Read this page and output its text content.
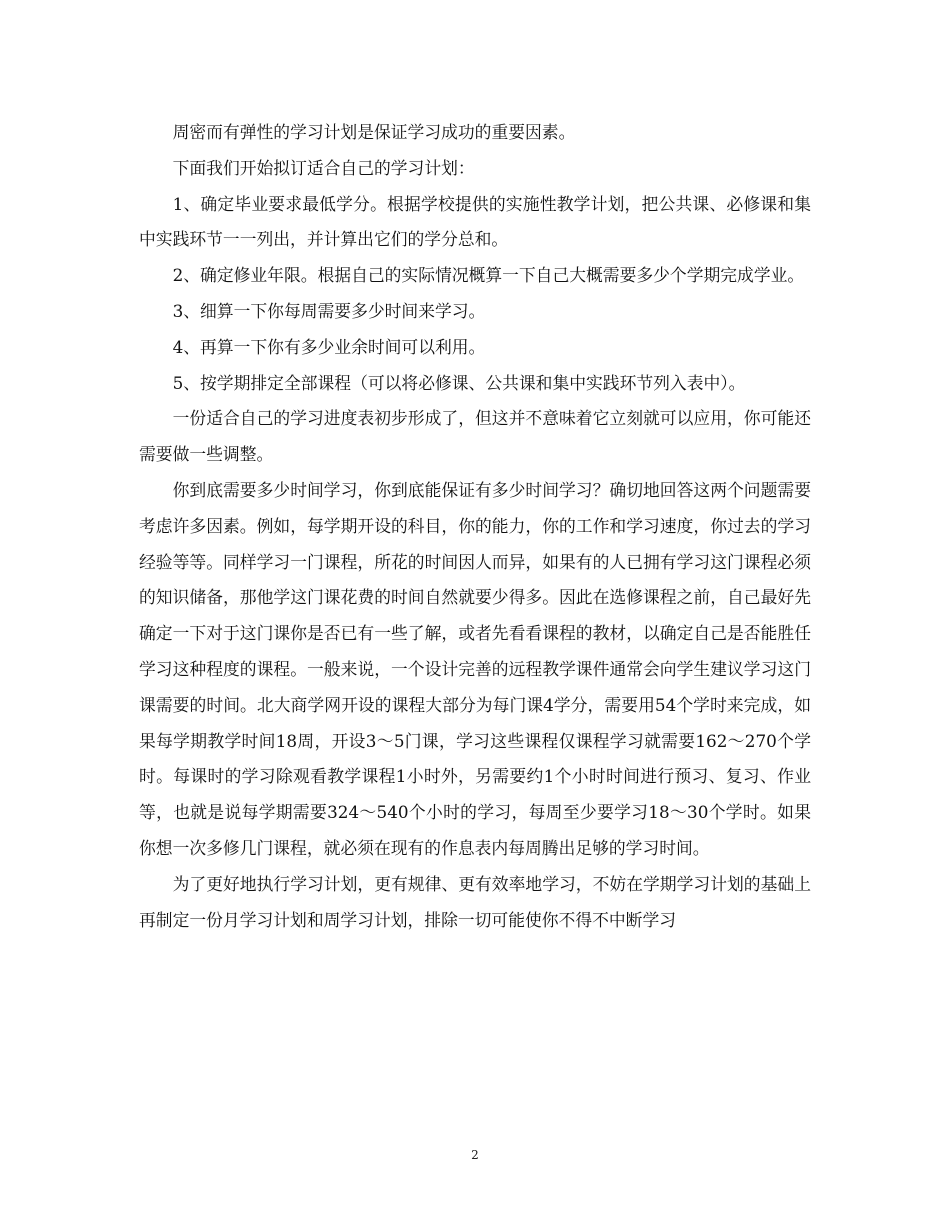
周密而有弹性的学习计划是保证学习成功的重要因素。

下面我们开始拟订适合自己的学习计划：

1、确定毕业要求最低学分。根据学校提供的实施性教学计划，把公共课、必修课和集中实践环节一一列出，并计算出它们的学分总和。

2、确定修业年限。根据自己的实际情况概算一下自己大概需要多少个学期完成学业。

3、细算一下你每周需要多少时间来学习。

4、再算一下你有多少业余时间可以利用。

5、按学期排定全部课程（可以将必修课、公共课和集中实践环节列入表中）。

一份适合自己的学习进度表初步形成了，但这并不意味着它立刻就可以应用，你可能还需要做一些调整。

你到底需要多少时间学习，你到底能保证有多少时间学习？确切地回答这两个问题需要考虑许多因素。例如，每学期开设的科目，你的能力，你的工作和学习速度，你过去的学习经验等等。同样学习一门课程，所花的时间因人而异，如果有的人已拥有学习这门课程必须的知识储备，那他学这门课花费的时间自然就要少得多。因此在选修课程之前，自己最好先确定一下对于这门课你是否已有一些了解，或者先看看课程的教材，以确定自己是否能胜任学习这种程度的课程。一般来说，一个设计完善的远程教学课件通常会向学生建议学习这门课需要的时间。北大商学网开设的课程大部分为每门课4学分，需要用54个学时来完成，如果每学期教学时间18周，开设3～5门课，学习这些课程仅课程学习就需要162～270个学时。每课时的学习除观看教学课程1小时外，另需要约1个小时时间进行预习、复习、作业等，也就是说每学期需要324～540个小时的学习，每周至少要学习18～30个学时。如果你想一次多修几门课程，就必须在现有的作息表内每周腾出足够的学习时间。

为了更好地执行学习计划，更有规律、更有效率地学习，不妨在学期学习计划的基础上再制定一份月学习计划和周学习计划，排除一切可能使你不得不中断学习

2
